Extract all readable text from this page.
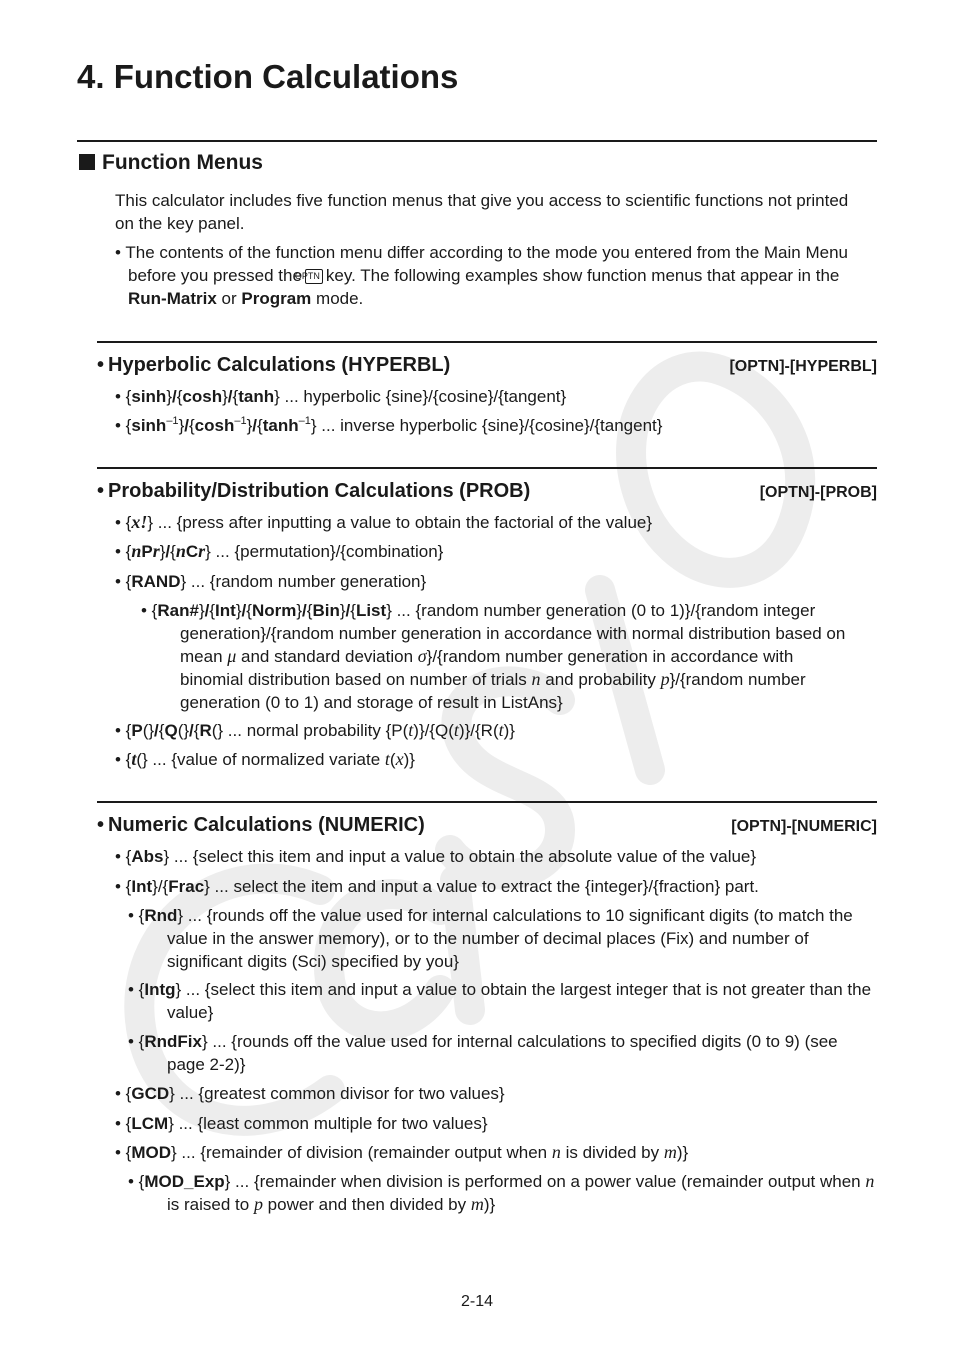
4. Function Calculations
Function Menus

This calculator includes five function menus that give you access to scientific functions not printed on the key panel.

• The contents of the function menu differ according to the mode you entered from the Main Menu before you pressed theOPTN key. The following examples show function menus that appear in the Run-Matrix or Program mode.

• Hyperbolic Calculations (HYPERBL)	[OPTN]-[HYPERBL]
• {sinh}/{cosh}/{tanh} ... hyperbolic {sine}/{cosine}/{tangent}
• $\{\sinh^{-1}\}/\{\cosh^{-1}\}/\{\tanh^{-1}\}$ ... inverse hyperbolic {sine}/{cosine}/{tangent}
• Probability/Distribution Calculations (PROB)	[OPTN]-[PROB]
• {x!} ... {press after inputting a value to obtain the factorial of the value}
• {nPr}/{nCr} ... {permutation}/{combination}
• {RAND} ... {random number generation}
• {Ran#}/{Int}/{Norm}/{Bin}/{List} ... {random number generation (0 to 1)}/{random integer generation}/{random number generation in accordance with normal distribution based on mean μ and standard deviation σ}/{random number generation in accordance with binomial distribution based on number of trials n and probability p}/{random number generation (0 to 1) and storage of result in ListAns}
• {P(}/{Q(}/{R(} ... normal probability {P(t)}/{Q(t)}/{R(t)}
• {t(} ... {value of normalized variate t(x)}
• Numeric Calculations (NUMERIC)	[OPTN]-[NUMERIC]
• {Abs} ... {select this item and input a value to obtain the absolute value of the value}
• {Int}/{Frac} ... select the item and input a value to extract the {integer}/{fraction} part.
• {Rnd} ... {rounds off the value used for internal calculations to 10 significant digits (to match the value in the answer memory), or to the number of decimal places (Fix) and number of significant digits (Sci) specified by you}
• {Intg} ... {select this item and input a value to obtain the largest integer that is not greater than the value}
• {RndFix} ... {rounds off the value used for internal calculations to specified digits (0 to 9) (see page 2-2)}
• {GCD} ... {greatest common divisor for two values}
• {LCM} ... {least common multiple for two values}
• {MOD} ... {remainder of division (remainder output when n is divided by m)}
• {MOD_Exp} ... {remainder when division is performed on a power value (remainder output when n is raised to p power and then divided by m)}
2-14
